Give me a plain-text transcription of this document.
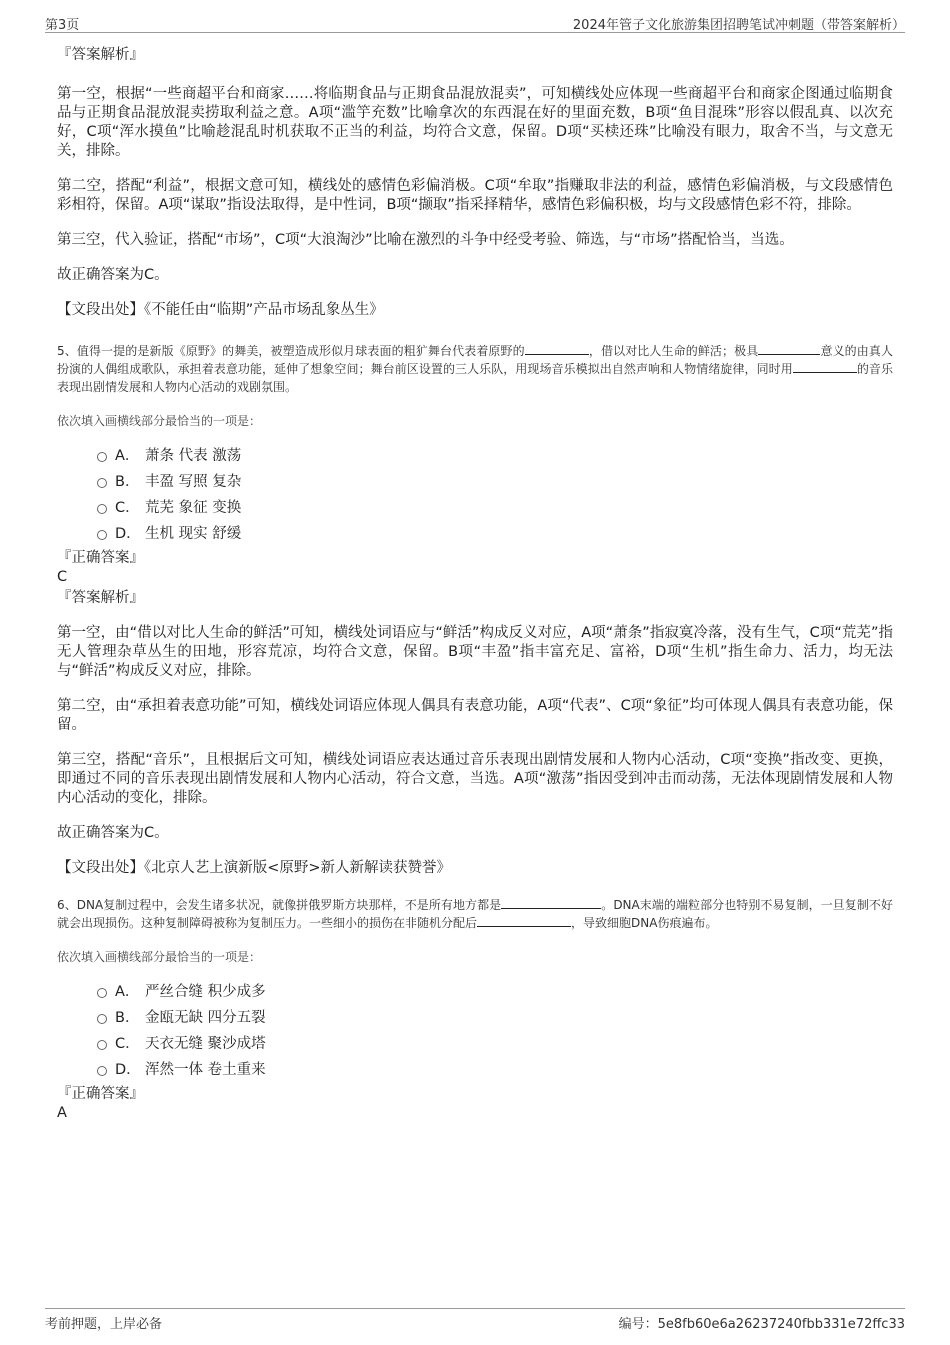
第3页	2024年管子文化旅游集团招聘笔试冲刺题（带答案解析）

『答案解析』

第一空，根据“一些商超平台和商家……将临期食品与正期食品混放混卖”，可知横线处应体现一些商超平台和商家企图通过临期食品与正期食品混放混卖捞取利益之意。A项“滥竽充数”比喻拿次的东西混在好的里面充数，B项“鱼目混珠”形容以假乱真、以次充好，C项“浑水摸鱼”比喻趁混乱时机获取不正当的利益，均符合文意，保留。D项“买椟还珠”比喻没有眼力，取舍不当，与文意无关，排除。

第二空，搭配“利益”，根据文意可知，横线处的感情色彩偏消极。C项“牟取”指赚取非法的利益，感情色彩偏消极，与文段感情色彩相符，保留。A项“谋取”指设法取得，是中性词，B项“撷取”指采择精华，感情色彩偏积极，均与文段感情色彩不符，排除。

第三空，代入验证，搭配“市场”，C项“大浪淘沙”比喻在激烈的斗争中经受考验、筛选，与“市场”搭配恰当，当选。

故正确答案为C。

【文段出处】《不能任由“临期”产品市场乱象丛生》

5、值得一提的是新版《原野》的舞美，被塑造成形似月球表面的粗犷舞台代表着原野的	，借以对比人生命的鲜活；极具	意义的由真人扮演的人偶组成歌队，承担着表意功能，延伸了想象空间；舞台前区设置的三人乐队，用现场音乐模拟出自然声响和人物情绪旋律，同时用	的音乐表现出剧情发展和人物内心活动的戏剧氛围。

依次填入画横线部分最恰当的一项是：

A． 萧条 代表 激荡
B． 丰盈 写照 复杂
C． 荒芜 象征 变换
D． 生机 现实 舒缓

『正确答案』

C

『答案解析』

第一空，由“借以对比人生命的鲜活”可知，横线处词语应与“鲜活”构成反义对应，A项“萧条”指寂寞冷落，没有生气，C项“荒芜”指无人管理杂草丛生的田地，形容荒凉，均符合文意，保留。B项“丰盈”指丰富充足、富裕，D项“生机”指生命力、活力，均无法与“鲜活”构成反义对应，排除。

第二空，由“承担着表意功能”可知，横线处词语应体现人偶具有表意功能，A项“代表”、C项“象征”均可体现人偶具有表意功能，保留。

第三空，搭配“音乐”，且根据后文可知，横线处词语应表达通过音乐表现出剧情发展和人物内心活动，C项“变换”指改变、更换，即通过不同的音乐表现出剧情发展和人物内心活动，符合文意，当选。A项“激荡”指因受到冲击而动荡，无法体现剧情发展和人物内心活动的变化，排除。

故正确答案为C。

【文段出处】《北京人艺上演新版<原野>新人新解读获赞誉》

6、DNA复制过程中，会发生诸多状况，就像拼俄罗斯方块那样，不是所有地方都是	。DNA末端的端粒部分也特别不易复制，一旦复制不好就会出现损伤。这种复制障碍被称为复制压力。一些细小的损伤在非随机分配后	，导致细胞DNA伤痕遍布。

依次填入画横线部分最恰当的一项是：

A． 严丝合缝 积少成多
B． 金瓯无缺 四分五裂
C． 天衣无缝 聚沙成塔
D． 浑然一体 卷土重来

『正确答案』

A

考前押题，上岸必备	编号：5e8fb60e6a26237240fbb331e72ffc33
